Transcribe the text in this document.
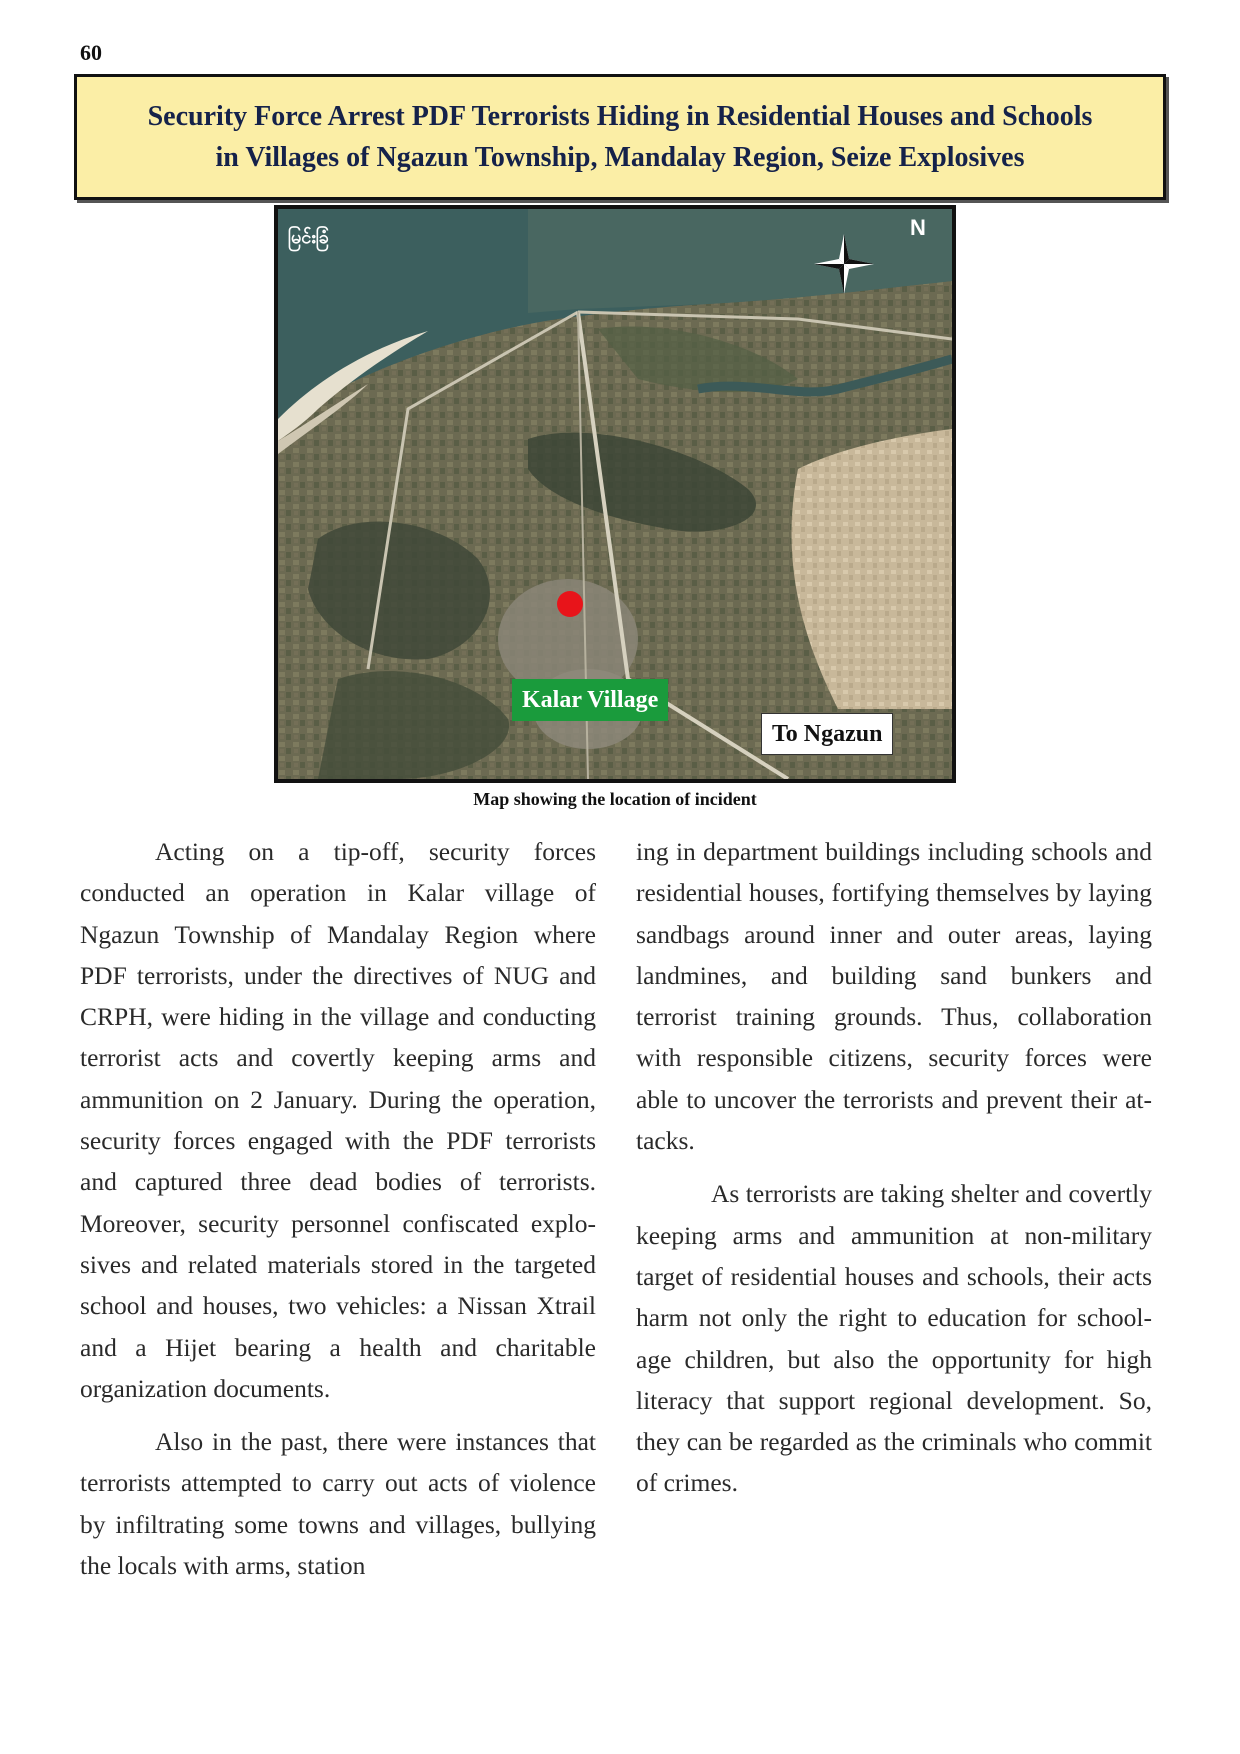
60
Security Force Arrest PDF Terrorists Hiding in Residential Houses and Schools
in Villages of Ngazun Township, Mandalay Region, Seize Explosives
မြင်းခြံ	N
Kalar Village
To Ngazun
Map showing the location of incident

Acting on a tip-off, security forces conducted an operation in Kalar village of Ngazun Township of Mandalay Region where PDF terrorists, under the directives of NUG and CRPH, were hiding in the village and conducting terrorist acts and covertly keeping arms and ammunition on 2 January. During the operation, security forces engaged with the PDF terrorists and captured three dead bodies of terrorists. Moreover, security personnel confiscated explosives and related materials stored in the targeted school and houses, two vehicles: a Nissan Xtrail and a Hijet bearing a health and charitable organization documents.

Also in the past, there were instances that terrorists attempted to carry out acts of violence by infiltrating some towns and villages, bullying the locals with arms, station

ing in department buildings including schools and residential houses, fortifying themselves by laying sandbags around inner and outer areas, laying landmines, and building sand bunkers and terrorist training grounds. Thus, collaboration with responsible citizens, security forces were able to uncover the terrorists and prevent their attacks.

As terrorists are taking shelter and covertly keeping arms and ammunition at non-military target of residential houses and schools, their acts harm not only the right to education for school-age children, but also the opportunity for high literacy that support regional development. So, they can be regarded as the criminals who commit of crimes.
